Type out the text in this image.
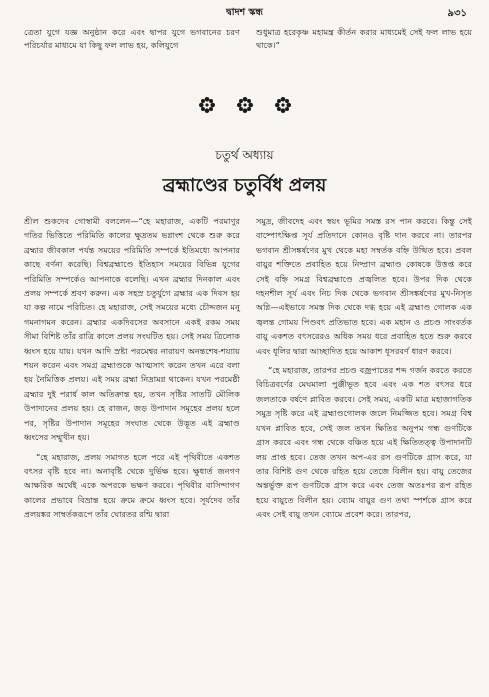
দ্বাদশ স্কন্ধ	৯৩১

ত্রেতা যুগে যজ্ঞ অনুষ্ঠান করে এবং দ্বাপর যুগে ভগবানের চরণ পরিচর্যার মাধ্যমে যা কিছু ফল লাভ হয়, কলিযুগে

শুধুমাত্র হরেকৃষ্ণ মহামন্ত্র কীর্তন করার মাধ্যমেই সেই ফল লাভ হয়ে থাকে।”

চতুর্থ অধ্যায়
ব্রহ্মাণ্ডের চতুর্বিধ প্রলয়

শ্রীল শুকদেব গোস্বামী বললেন—“হে মহারাজ, একটি পরমাণুর গতির ভিত্তিতে পরিমিতি কালের ক্ষুদ্রতম ভগ্নাংশ থেকে শুরু করে ব্রহ্মার জীবকাল পর্যন্ত সময়ের পরিমিতি সম্পর্কে ইতিমধ্যে আপনার কাছে বর্ণনা করেছি। বিশ্বব্রহ্মাণ্ডে ইতিহাস সময়ের বিভিন্ন যুগের পরিমিতি সম্পর্কেও আপনাকে বলেছি। এখন ব্রহ্মার দিনকাল এবং প্রলয় সম্পর্কে শ্রবণ করুন। এক সহস্র চতুর্যুগে ব্রহ্মার এক দিবস হয় যা কল্প নামে পরিচিত। হে মহারাজ, সেই সময়ের মধ্যে চৌদ্দজন মনু গমনাগমন করেন। ব্রহ্মার একদিবসের অবসানে একই রকম সময় সীমা বিশিষ্ট তাঁর রাত্রি কালে প্রলয় সংঘটিত হয়। সেই সময় ত্রিলোক ধ্বংস হয়ে যায়। যখন আদি স্রষ্টা পরমেশ্বর নারায়ণ অনন্তশেষ-শয্যায় শয়ন করেন এবং সমগ্র ব্রহ্মাণ্ডকে আত্মসাৎ করেন তখন এরে বলা হয় নৈমিত্তিক প্রলয়। এই সময় ব্রহ্মা নিদ্রামগ্ন থাকেন। যখন পরমেষ্ঠী ব্রহ্মার দুই পরার্ধ কাল অতিক্রান্ত হয়, তখন সৃষ্টির সাতটি মৌলিক উপাদানের প্রলয় হয়। হে রাজন, জড় উপাদান সমূহের প্রলয় হলে পর, সৃষ্টির উপাদান সমূহের সংঘাত থেকে উদ্ভূত এই ব্রহ্মাণ্ড ধ্বংসের সম্মুখীন হয়।

“হে মহারাজ, প্রলয় সমাগত হলে পরে এই পৃথিবীতে একশত বৎসর বৃষ্টি হবে না। অনাবৃষ্টি থেকে দুর্ভিক্ষ হবে। ক্ষুধার্ত জনগণ আক্ষরিক অর্থেই একে অপরকে ভক্ষণ করবে। পৃথিবীর বাসিন্দাগণ কালের প্রভাবে বিভ্রান্ত হয়ে ক্রমে ক্রমে ধ্বংস হবে। সূর্যদেব তাঁর প্রলয়ঙ্কর সাম্বর্তকরূপে তাঁর ঘোরতর রশ্মি দ্বারা

সমুদ্র, জীবদেহ এবং স্বয়ং ভূমির সমস্ত রস পান করবে। কিন্তু সেই বাষ্পোৎক্ষিপ্ত সূর্য প্রতিদানে কোনও বৃষ্টি দান করবে না। তারপর ভগবান শ্রীসঙ্কর্ষণের মুখ থেকে মহা সম্বর্তক বহ্নি উত্থিত হবে। প্রবল বায়ুর শক্তিতে প্রবাহিত হয়ে নিষ্প্রাণ ব্রহ্মাণ্ড কোষকে উত্তপ্ত করে সেই বহ্নি সমগ্র বিশ্বব্রহ্মাণ্ডে প্রজ্বলিত হবে। উপর দিক থেকে দহনশীল সূর্য এবং নিচ দিক থেকে ভগবান শ্রীসঙ্কর্ষণের মুখ-নিসৃত অগ্নি—এইভাবে সমস্ত দিক থেকে দগ্ধ হয়ে এই ব্রহ্মাণ্ড গোলক এক জ্বলন্ত গোময় পিণ্ডবৎ প্রতিভাত হবে। এক মহান ও প্রচণ্ড সাংবর্তক বায়ু একশত বৎসরেরও অধিক সময় ধরে প্রবাহিত হতে শুরু করবে এবং ধূলির দ্বারা আচ্ছাদিত হয়ে আকাশ ধূসরবর্ণ ধারণ করবে।

“হে মহারাজ, তারপর প্রচণ্ড বজ্রপাতের শব্দ গর্জন করতে করতে বিচিত্রবর্ণের মেঘমালা পুঞ্জীভূত হবে এবং এক শত বৎসর ধরে জলতাকে বর্ষণে প্লাবিত করবে। সেই সময়, একটি মাত্র মহাজাগতিক সমুদ্র সৃষ্টি করে এই ব্রহ্মাণ্ডগোলক জলে নিমজ্জিত হবে। সমগ্র বিশ্ব যখন প্লাবিত হবে, সেই জল তখন ক্ষিতির অনুপম গন্ধ গুণটিকে গ্রাস করবে এবং গন্ধ থেকে বঞ্চিত হয়ে এই ক্ষিতিতত্ত্ব উপাদানটি লয় প্রাপ্ত হবে। তেজ তখন অপ-এর রস গুণটিকে গ্রাস করে, যা তার বিশিষ্ট গুণ থেকে রহিত হয়ে তেজে বিলীন হয়। বায়ু তেজের অন্তর্ভুক্ত রূপ গুণটিকে গ্রাস করে এবং তেজ অতঃপর রূপ রহিত হয়ে বায়ুতে বিলীন হয়। ব্যোম বায়ুর গুণ তথা স্পর্শকে গ্রাস করে এবং সেই বায়ু তখন ব্যোমে প্রবেশ করে। তারপর,
